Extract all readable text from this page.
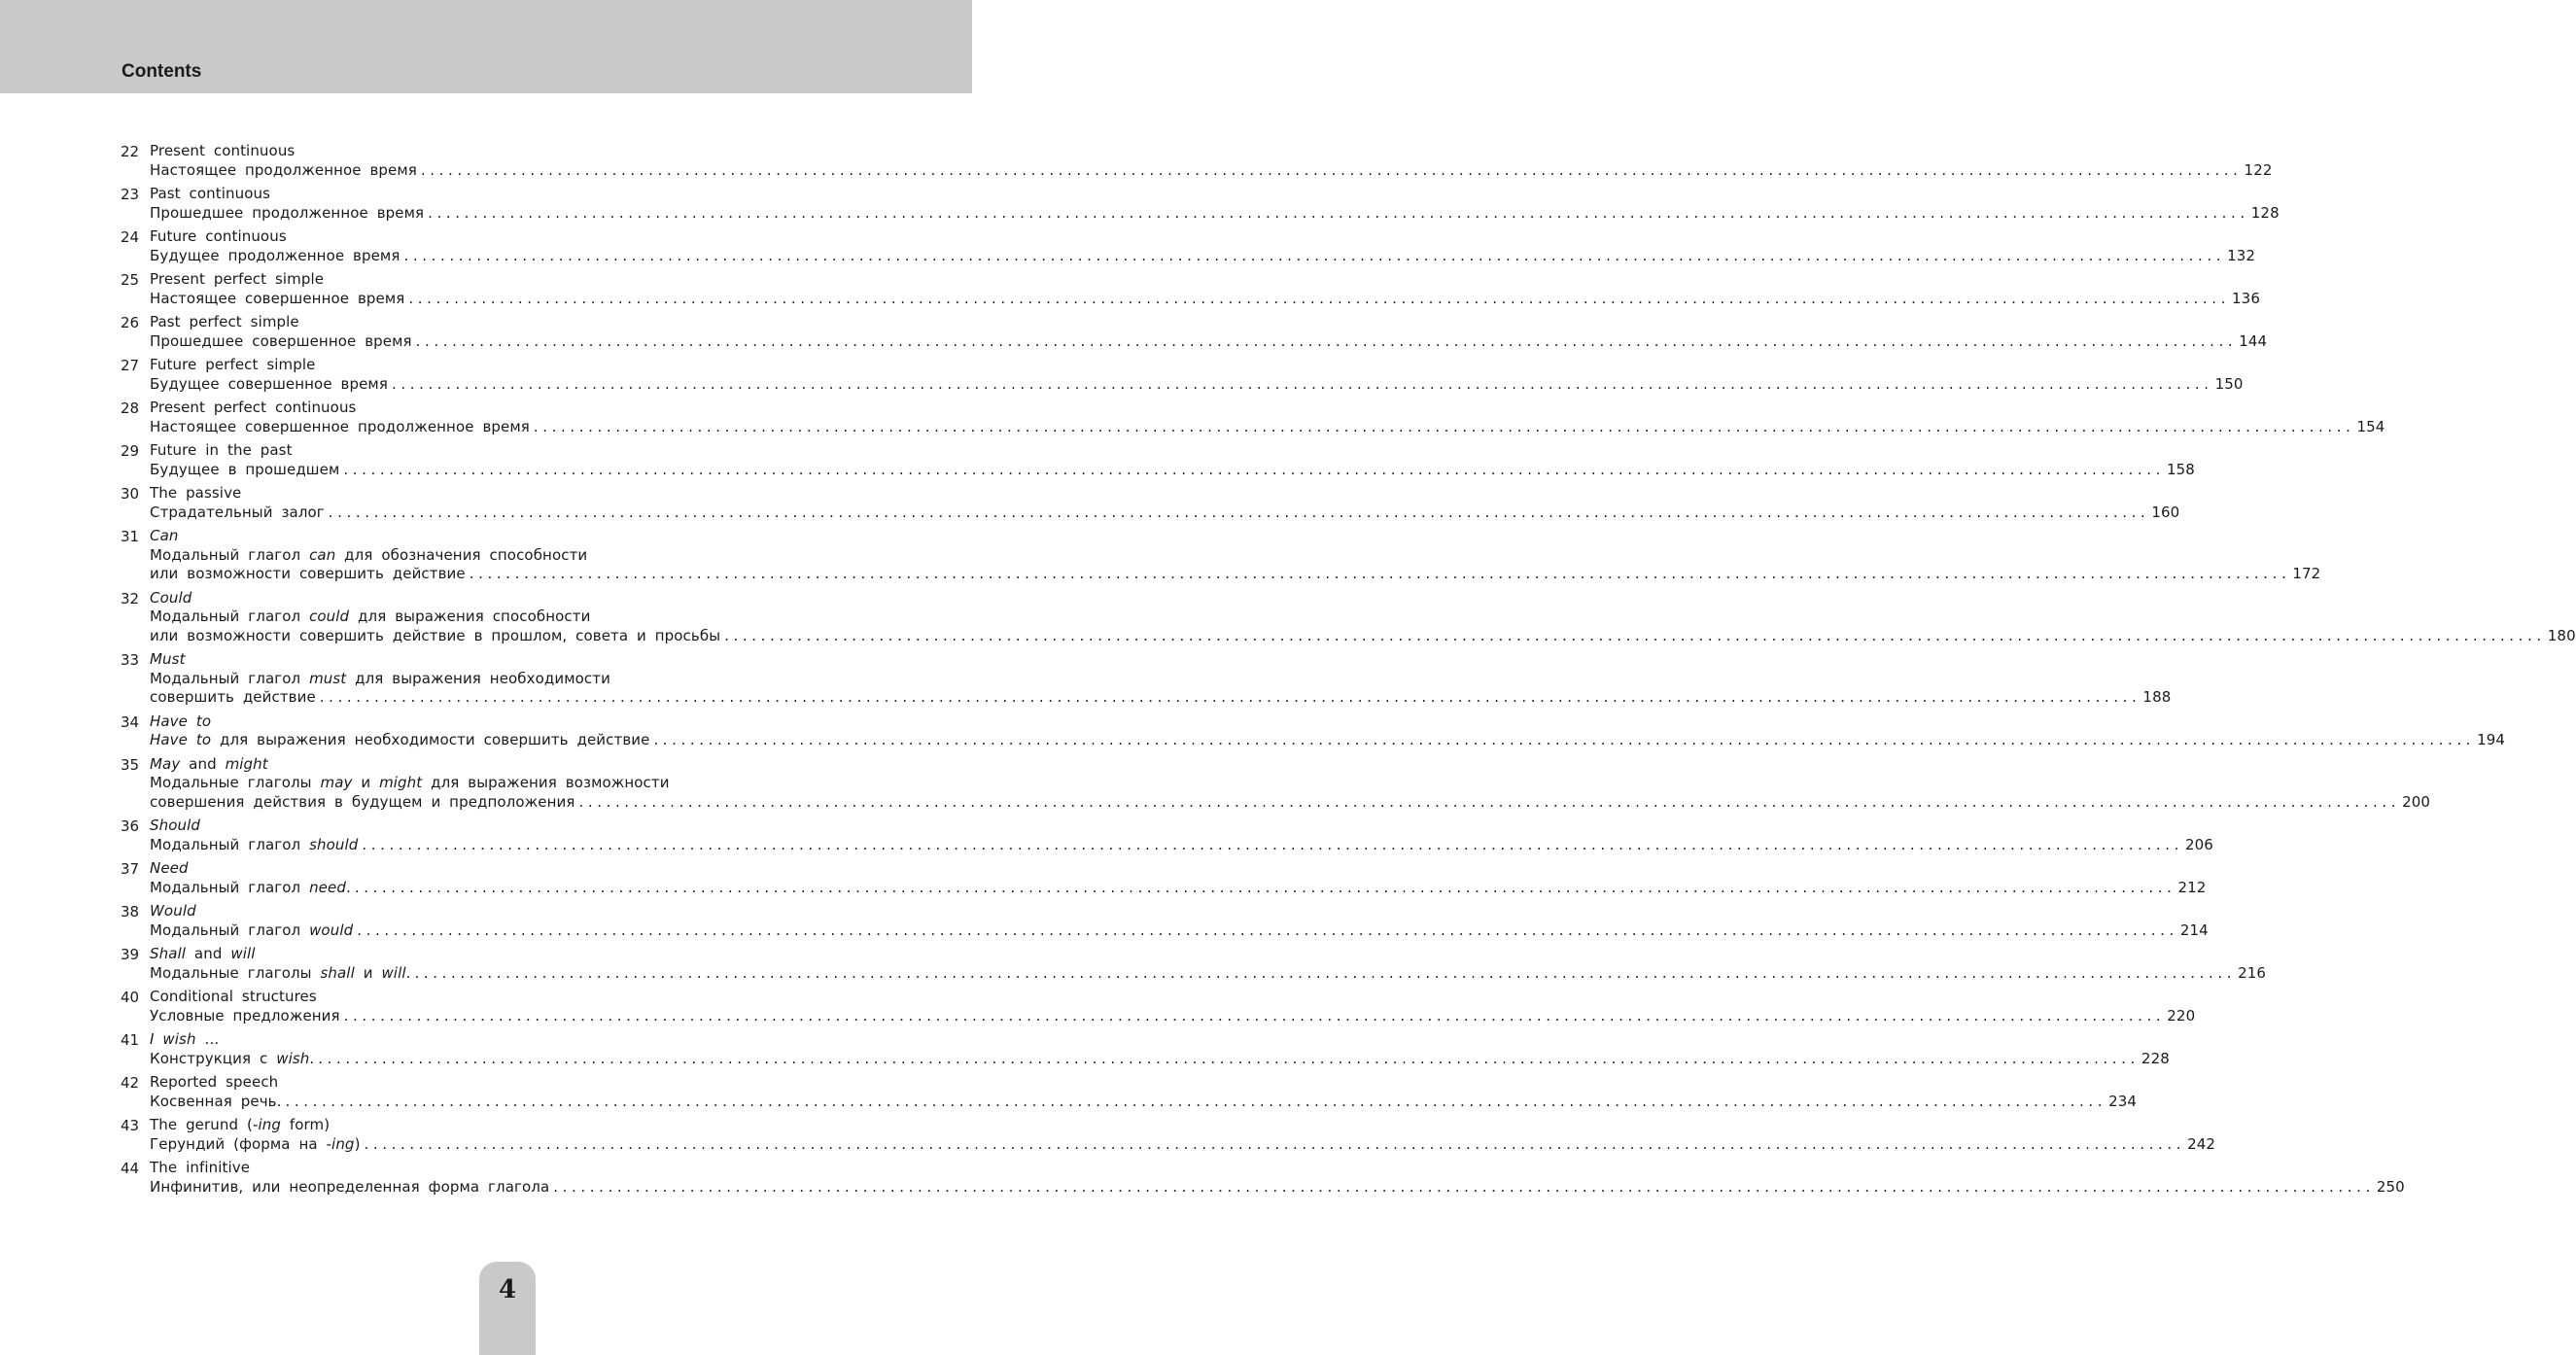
Contents
22 Present continuous
Настоящее продолженное время ........................................................................................................................................................................................................ 122
23 Past continuous
Прошедшее продолженное время ........................................................................................................................................................................................................ 128
24 Future continuous
Будущее продолженное время ........................................................................................................................................................................................................ 132
25 Present perfect simple
Настоящее совершенное время ........................................................................................................................................................................................................ 136
26 Past perfect simple
Прошедшее совершенное время ........................................................................................................................................................................................................ 144
27 Future perfect simple
Будущее совершенное время ........................................................................................................................................................................................................ 150
28 Present perfect continuous
Настоящее совершенное продолженное время ........................................................................................................................................................................................................ 154
29 Future in the past
Будущее в прошедшем ........................................................................................................................................................................................................ 158
30 The passive
Страдательный залог ........................................................................................................................................................................................................ 160
31 Can
Модальный глагол can для обозначения способности
или возможности совершить действие ........................................................................................................................................................................................................ 172
32 Could
Модальный глагол could для выражения способности
или возможности совершить действие в прошлом, совета и просьбы ........................................................................................................................................................................................................ 180
33 Must
Модальный глагол must для выражения необходимости
совершить действие ........................................................................................................................................................................................................ 188
34 Have to
Have to для выражения необходимости совершить действие ........................................................................................................................................................................................................ 194
35 May and might
Модальные глаголы may и might для выражения возможности
совершения действия в будущем и предположения ........................................................................................................................................................................................................ 200
36 Should
Модальный глагол should ........................................................................................................................................................................................................ 206
37 Need
Модальный глагол need. ........................................................................................................................................................................................................ 212
38 Would
Модальный глагол would ........................................................................................................................................................................................................ 214
39 Shall and will
Модальные глаголы shall и will. ........................................................................................................................................................................................................ 216
40 Conditional structures
Условные предложения ........................................................................................................................................................................................................ 220
41 I wish …
Конструкция с wish. ........................................................................................................................................................................................................ 228
42 Reported speech
Косвенная речь. ........................................................................................................................................................................................................ 234
43 The gerund (-ing form)
Герундий (форма на -ing) ........................................................................................................................................................................................................ 242
44 The infinitive
Инфинитив, или неопределенная форма глагола ........................................................................................................................................................................................................ 250
4
